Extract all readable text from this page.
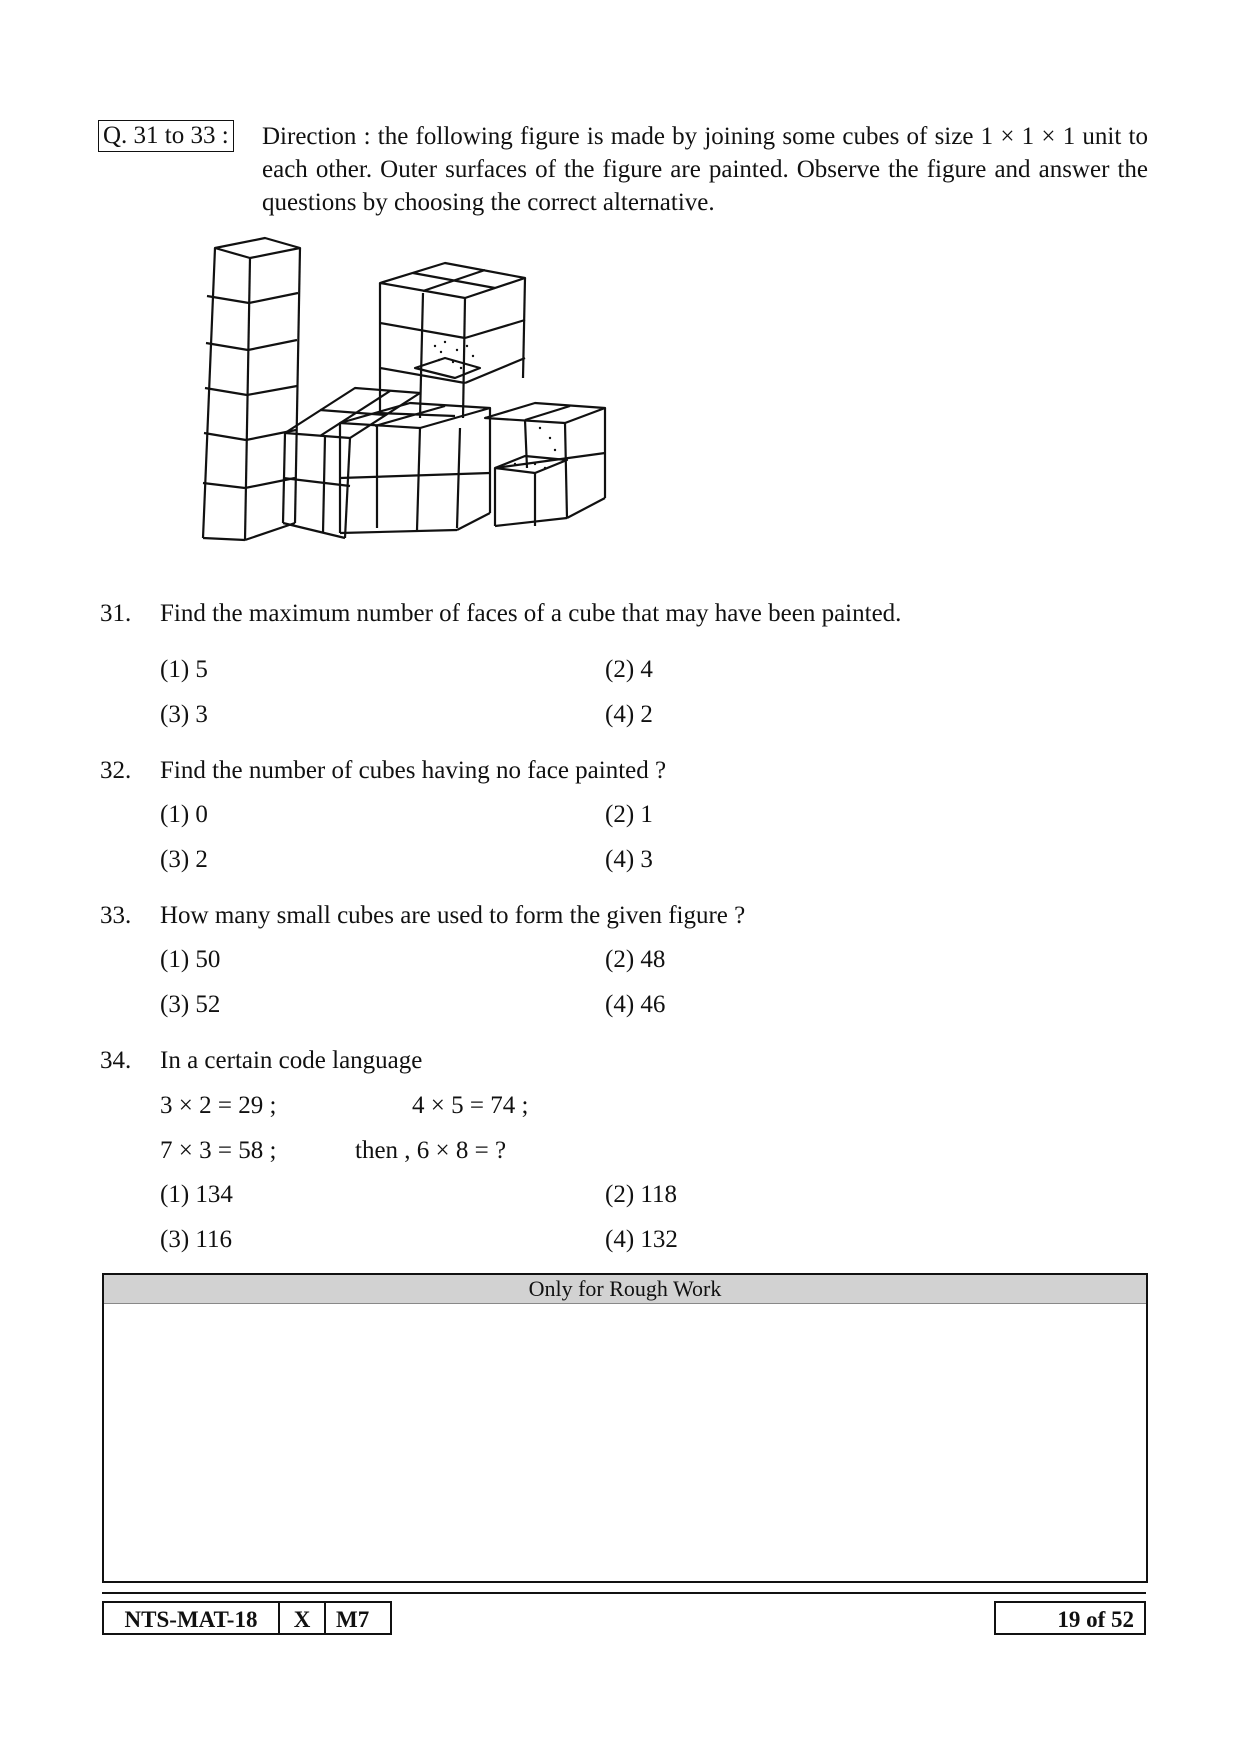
Q. 31 to 33 : Direction : the following figure is made by joining some cubes of size 1 × 1 × 1 unit to each other. Outer surfaces of the figure are painted. Observe the figure and answer the questions by choosing the correct alternative.
31. Find the maximum number of faces of a cube that may have been painted.
(1) 5	(2) 4
(3) 3	(4) 2
32. Find the number of cubes having no face painted ?
(1) 0	(2) 1
(3) 2	(4) 3
33. How many small cubes are used to form the given figure ?
(1) 50	(2) 48
(3) 52	(4) 46
34. In a certain code language
3 × 2 = 29 ;	4 × 5 = 74 ;
7 × 3 = 58 ;	then , 6 × 8 = ?
(1) 134	(2) 118
(3) 116	(4) 132
Only for Rough Work
NTS-MAT-18	X	M7	19 of 52
